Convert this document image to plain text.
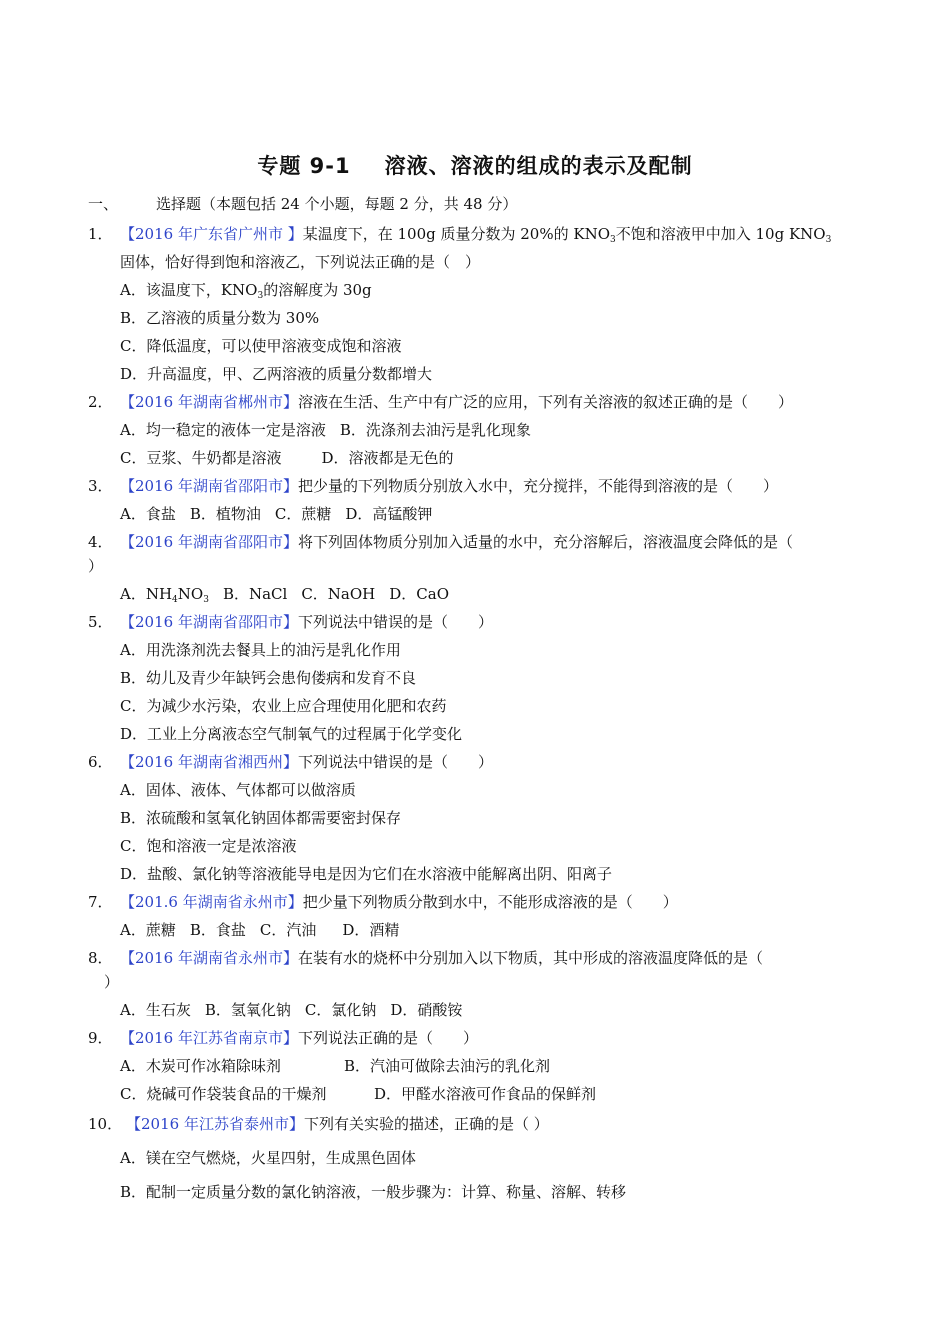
专题 9-1 溶液、溶液的组成的表示及配制
一、	选择题（本题包括 24 个小题，每题 2 分，共 48 分）
1． 【2016 年广东省广州市 】某温度下，在 100g 质量分数为 20%的 $KNO_3$不饱和溶液甲中加入 10g $KNO_3$
固体，恰好得到饱和溶液乙，下列说法正确的是（　）
A．该温度下，$KNO_3$的溶解度为 30g
B．乙溶液的质量分数为 30%
C．降低温度，可以使甲溶液变成饱和溶液
D．升高温度，甲、乙两溶液的质量分数都增大
2． 【2016 年湖南省郴州市】溶液在生活、生产中有广泛的应用，下列有关溶液的叙述正确的是（　　）
A．均一稳定的液体一定是溶液 B．洗涤剂去油污是乳化现象
C．豆浆、牛奶都是溶液	D．溶液都是无色的
3． 【2016 年湖南省邵阳市】把少量的下列物质分别放入水中，充分搅拌，不能得到溶液的是（　　）
A．食盐 B．植物油 C．蔗糖 D．高锰酸钾
4． 【2016 年湖南省邵阳市】将下列固体物质分别加入适量的水中，充分溶解后，溶液温度会降低的是（
）
A．$NH_4NO_3$ B．NaCl C．NaOH D．CaO
5． 【2016 年湖南省邵阳市】下列说法中错误的是（　　）
A．用洗涤剂洗去餐具上的油污是乳化作用
B．幼儿及青少年缺钙会患佝偻病和发育不良
C．为减少水污染，农业上应合理使用化肥和农药
D．工业上分离液态空气制氧气的过程属于化学变化
6． 【2016 年湖南省湘西州】下列说法中错误的是（　　）
A．固体、液体、气体都可以做溶质
B．浓硫酸和氢氧化钠固体都需要密封保存
C．饱和溶液一定是浓溶液
D．盐酸、氯化钠等溶液能导电是因为它们在水溶液中能解离出阴、阳离子
7． 【201.6 年湖南省永州市】把少量下列物质分散到水中，不能形成溶液的是（　　）
A．蔗糖 B．食盐 C．汽油 D．酒精
8． 【2016 年湖南省永州市】在装有水的烧杯中分别加入以下物质，其中形成的溶液温度降低的是（
）
A．生石灰 B．氢氧化钠 C．氯化钠 D．硝酸铵
9． 【2016 年江苏省南京市】下列说法正确的是（　　）
A．木炭可作冰箱除味剂	B．汽油可做除去油污的乳化剂
C．烧碱可作袋装食品的干燥剂	D．甲醛水溶液可作食品的保鲜剂
10． 【2016 年江苏省泰州市】下列有关实验的描述，正确的是（ ）
A．镁在空气燃烧，火星四射，生成黑色固体
B．配制一定质量分数的氯化钠溶液，一般步骤为：计算、称量、溶解、转移
